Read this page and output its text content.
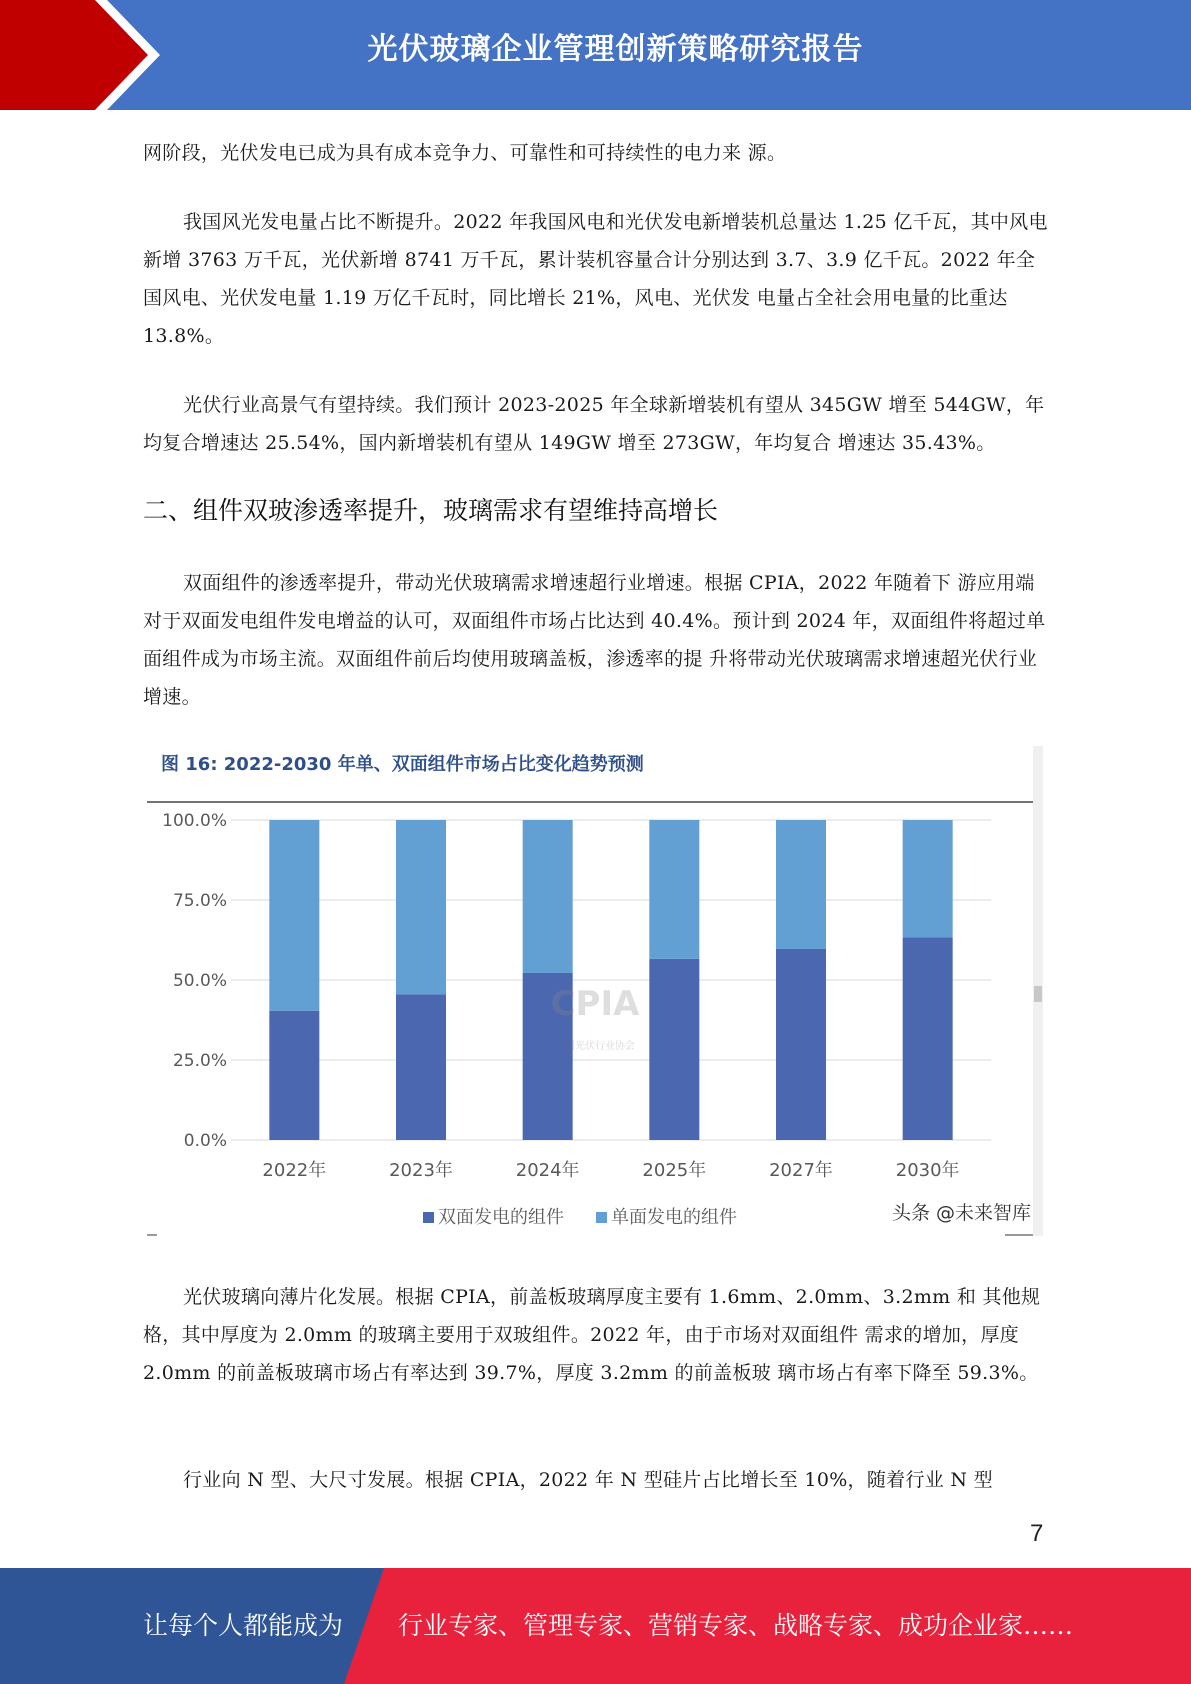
光伏玻璃企业管理创新策略研究报告

网阶段，光伏发电已成为具有成本竞争力、可靠性和可持续性的电力来 源。

我国风光发电量占比不断提升。2022 年我国风电和光伏发电新增装机总量达 1.25 亿千瓦，其中风电新增 3763 万千瓦，光伏新增 8741 万千瓦，累计装机容量合计分别达到 3.7、3.9 亿千瓦。2022 年全国风电、光伏发电量 1.19 万亿千瓦时，同比增长 21%，风电、光伏发 电量占全社会用电量的比重达 13.8%。

光伏行业高景气有望持续。我们预计 2023-2025 年全球新增装机有望从 345GW 增至 544GW，年均复合增速达 25.54%，国内新增装机有望从 149GW 增至 273GW，年均复合 增速达 35.43%。

二、组件双玻渗透率提升，玻璃需求有望维持高增长

双面组件的渗透率提升，带动光伏玻璃需求增速超行业增速。根据 CPIA，2022 年随着下 游应用端对于双面发电组件发电增益的认可，双面组件市场占比达到 40.4%。预计到 2024 年，双面组件将超过单面组件成为市场主流。双面组件前后均使用玻璃盖板，渗透率的提 升将带动光伏玻璃需求增速超光伏行业增速。

图 16: 2022-2030 年单、双面组件市场占比变化趋势预测
CPIA
中国光伏行业协会
0.0%
25.0%
50.0%
75.0%
100.0%
2022年	2023年	2024年	2025年	2027年	2030年
双面发电的组件	单面发电的组件	头条 @未来智库

光伏玻璃向薄片化发展。根据 CPIA，前盖板玻璃厚度主要有 1.6mm、2.0mm、3.2mm 和 其他规格，其中厚度为 2.0mm 的玻璃主要用于双玻组件。2022 年，由于市场对双面组件 需求的增加，厚度 2.0mm 的前盖板玻璃市场占有率达到 39.7%，厚度 3.2mm 的前盖板玻 璃市场占有率下降至 59.3%。

行业向 N 型、大尺寸发展。根据 CPIA，2022 年 N 型硅片占比增长至 10%，随着行业 N 型

7
让每个人都能成为 行业专家、管理专家、营销专家、战略专家、成功企业家……
